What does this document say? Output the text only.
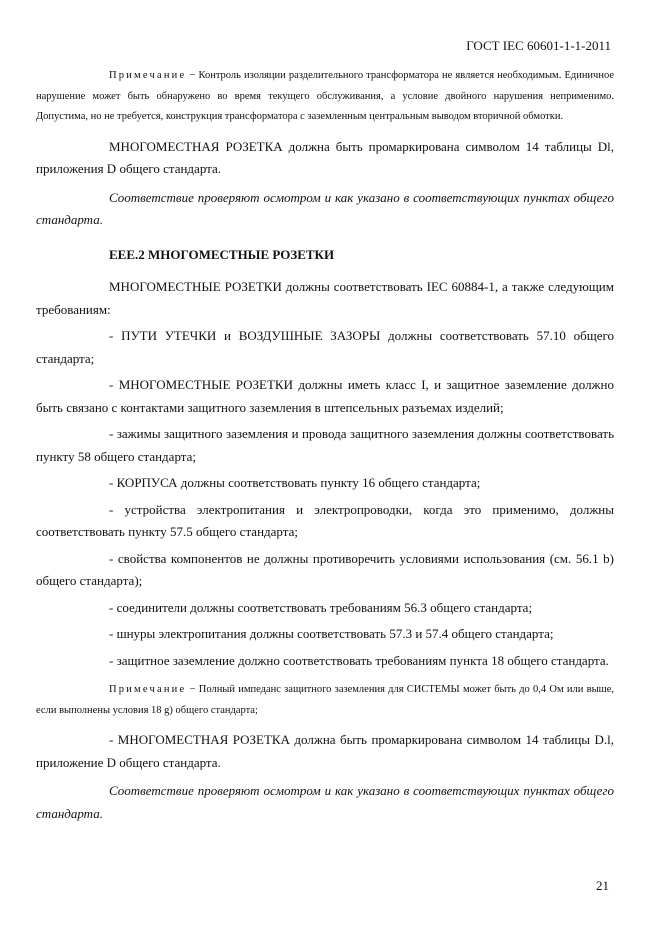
ГОСТ IEC 60601-1-1-2011

Примечание − Контроль изоляции разделительного трансформатора не является необходимым. Единичное нарушение может быть обнаружено во время текущего обслуживания, а условие двойного нарушения неприменимо. Допустима, но не требуется, конструкция трансформатора с заземленным центральным выводом вторичной обмотки.

МНОГОМЕСТНАЯ РОЗЕТКА должна быть промаркирована символом 14 таблицы Dl, приложения D общего стандарта.

Соответствие проверяют осмотром и как указано в соответствующих пунктах общего стандарта.

EEE.2 МНОГОМЕСТНЫЕ РОЗЕТКИ

МНОГОМЕСТНЫЕ РОЗЕТКИ должны соответствовать IEC 60884-1, а также следующим требованиям:

- ПУТИ УТЕЧКИ и ВОЗДУШНЫЕ ЗАЗОРЫ должны соответствовать 57.10 общего стандарта;

- МНОГОМЕСТНЫЕ РОЗЕТКИ должны иметь класс I, и защитное заземление должно быть связано с контактами защитного заземления в штепсельных разъемах изделий;

- зажимы защитного заземления и провода защитного заземления должны соответствовать пункту 58 общего стандарта;

- КОРПУСА должны соответствовать пункту 16 общего стандарта;

- устройства электропитания и электропроводки, когда это применимо, должны соответствовать пункту 57.5 общего стандарта;

- свойства компонентов не должны противоречить условиями использования (см. 56.1 b) общего стандарта);

- соединители должны соответствовать требованиям 56.3 общего стандарта;

- шнуры электропитания должны соответствовать 57.3 и 57.4 общего стандарта;

- защитное заземление должно соответствовать требованиям пункта 18 общего стандарта.

Примечание − Полный импеданс защитного заземления для СИСТЕМЫ может быть до 0,4 Ом или выше, если выполнены условия 18 g) общего стандарта;

- МНОГОМЕСТНАЯ РОЗЕТКА должна быть промаркирована символом 14 таблицы D.l, приложение D общего стандарта.

Соответствие проверяют осмотром и как указано в соответствующих пунктах общего стандарта.

21
